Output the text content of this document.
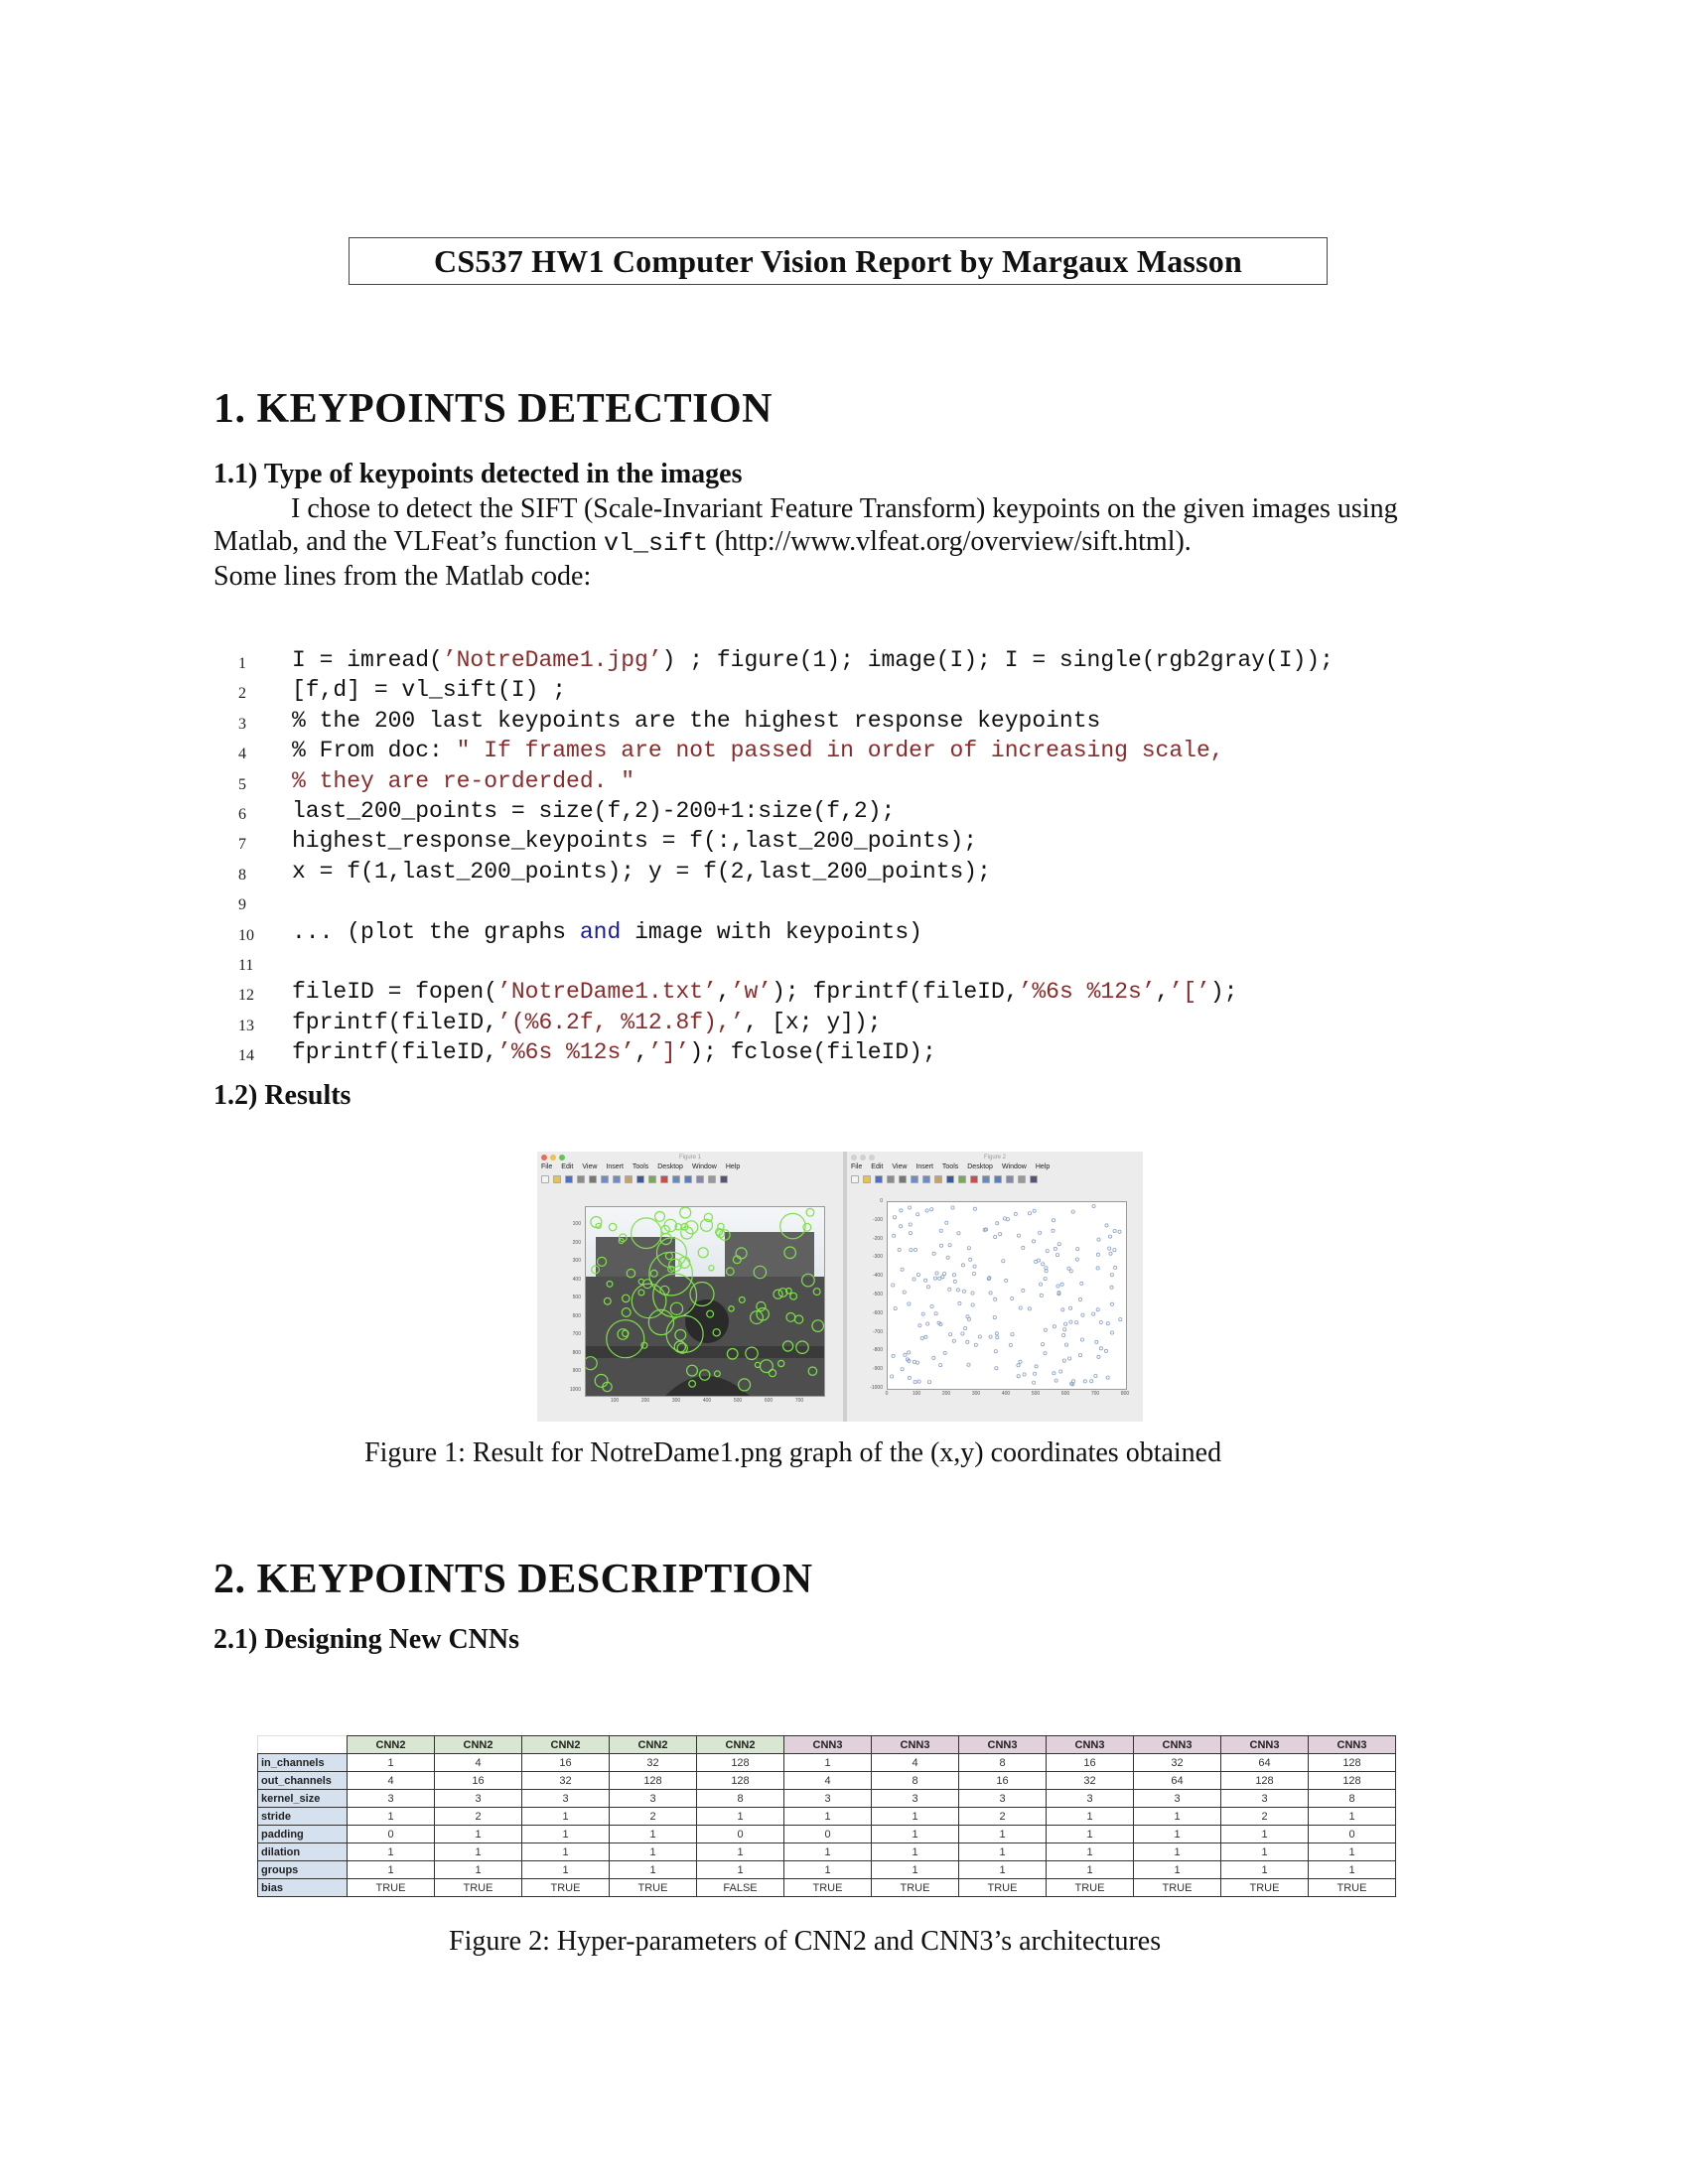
CS537 HW1 Computer Vision Report by Margaux Masson
1. KEYPOINTS DETECTION
1.1) Type of keypoints detected in the images
I chose to detect the SIFT (Scale-Invariant Feature Transform) keypoints on the given images using
Matlab, and the VLFeat’s function vl_sift (http://www.vlfeat.org/overview/sift.html).
Some lines from the Matlab code:
1	I = imread(’NotreDame1.jpg’) ; figure(1); image(I); I = single(rgb2gray(I));
2	[f,d] = vl_sift(I) ;
3	% the 200 last keypoints are the highest response keypoints
4	% From doc: " If frames are not passed in order of increasing scale,
5	% they are re-orderded. "
6	last_200_points = size(f,2)-200+1:size(f,2);
7	highest_response_keypoints = f(:,last_200_points);
8	x = f(1,last_200_points); y = f(2,last_200_points);
9
10	... (plot the graphs and image with keypoints)
11
12	fileID = fopen(’NotreDame1.txt’,’w’); fprintf(fileID,’%6s %12s’,’[’);
13	fprintf(fileID,’(%6.2f, %12.8f),’, [x; y]);
14	fprintf(fileID,’%6s %12s’,’]’); fclose(fileID);
1.2) Results
Figure 1
File Edit View Insert Tools Desktop Window Help
100
200
300
400
500
600
700
800
900
1000
100	200	300	400	500	600	700
Figure 2
File Edit View Insert Tools Desktop Window Help
0
-100
-200
-300
-400
-500
-600
-700
-800
-900
-1000
0	100	200	300	400	500	600	700	800
Figure 1: Result for NotreDame1.png graph of the (x,y) coordinates obtained
2. KEYPOINTS DESCRIPTION
2.1) Designing New CNNs
	CNN2	CNN2	CNN2	CNN2	CNN2	CNN3	CNN3	CNN3	CNN3	CNN3	CNN3	CNN3
in_channels	1	4	16	32	128	1	4	8	16	32	64	128
out_channels	4	16	32	128	128	4	8	16	32	64	128	128
kernel_size	3	3	3	3	8	3	3	3	3	3	3	8
stride	1	2	1	2	1	1	1	2	1	1	2	1
padding	0	1	1	1	0	0	1	1	1	1	1	0
dilation	1	1	1	1	1	1	1	1	1	1	1	1
groups	1	1	1	1	1	1	1	1	1	1	1	1
bias	TRUE	TRUE	TRUE	TRUE	FALSE	TRUE	TRUE	TRUE	TRUE	TRUE	TRUE	TRUE
Figure 2: Hyper-parameters of CNN2 and CNN3’s architectures
